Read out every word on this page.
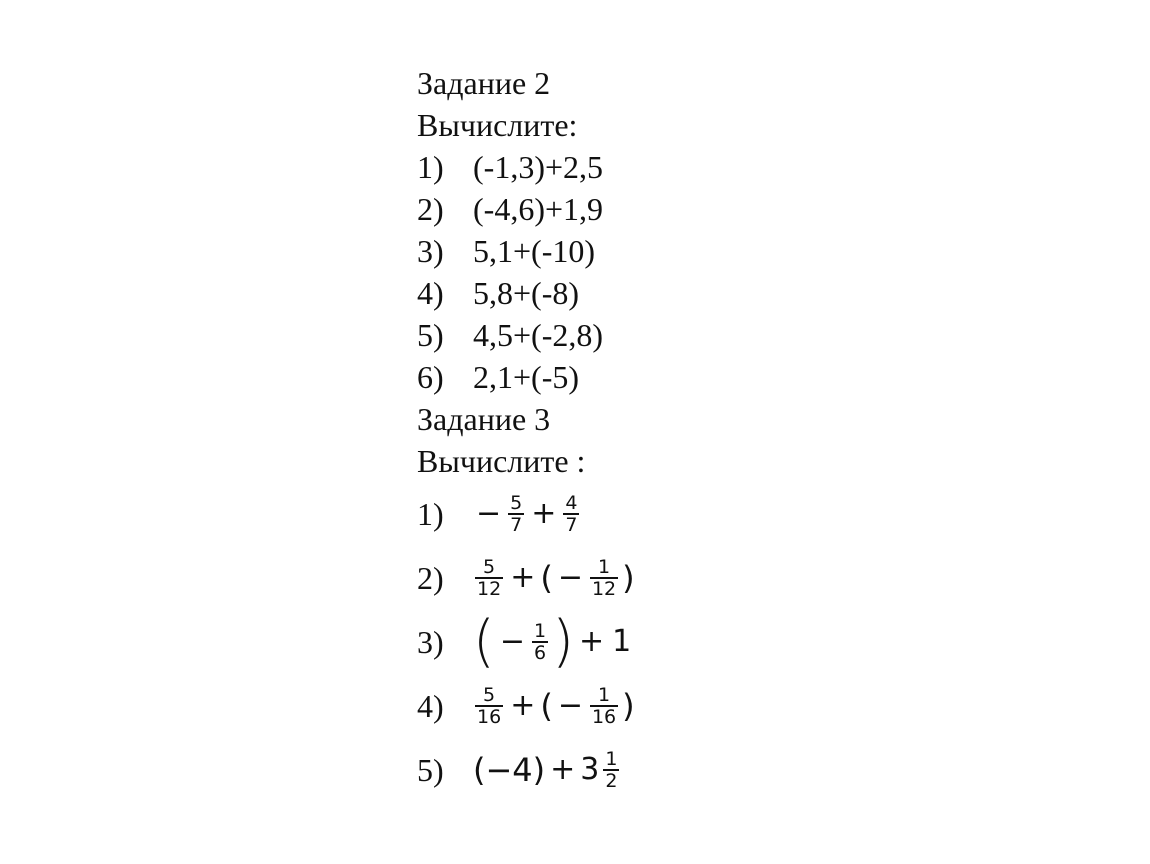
Задание 2
Вычислите:
1) (-1,3)+2,5
2) (-4,6)+1,9
3) 5,1+(-10)
4) 5,8+(-8)
5) 4,5+(-2,8)
6) 2,1+(-5)
Задание 3
Вычислите :
1)	− $\frac{5}{7} + \frac{4}{7}$
2)	$\frac{5}{12}$ + ( − $\frac{1}{12}$ )
3) ( − $\frac{1}{6}$ ) + 1
4)	$\frac{5}{16}$ + ( − $\frac{1}{16}$ )
5) $(-4) + 3 \frac{1}{2}$
